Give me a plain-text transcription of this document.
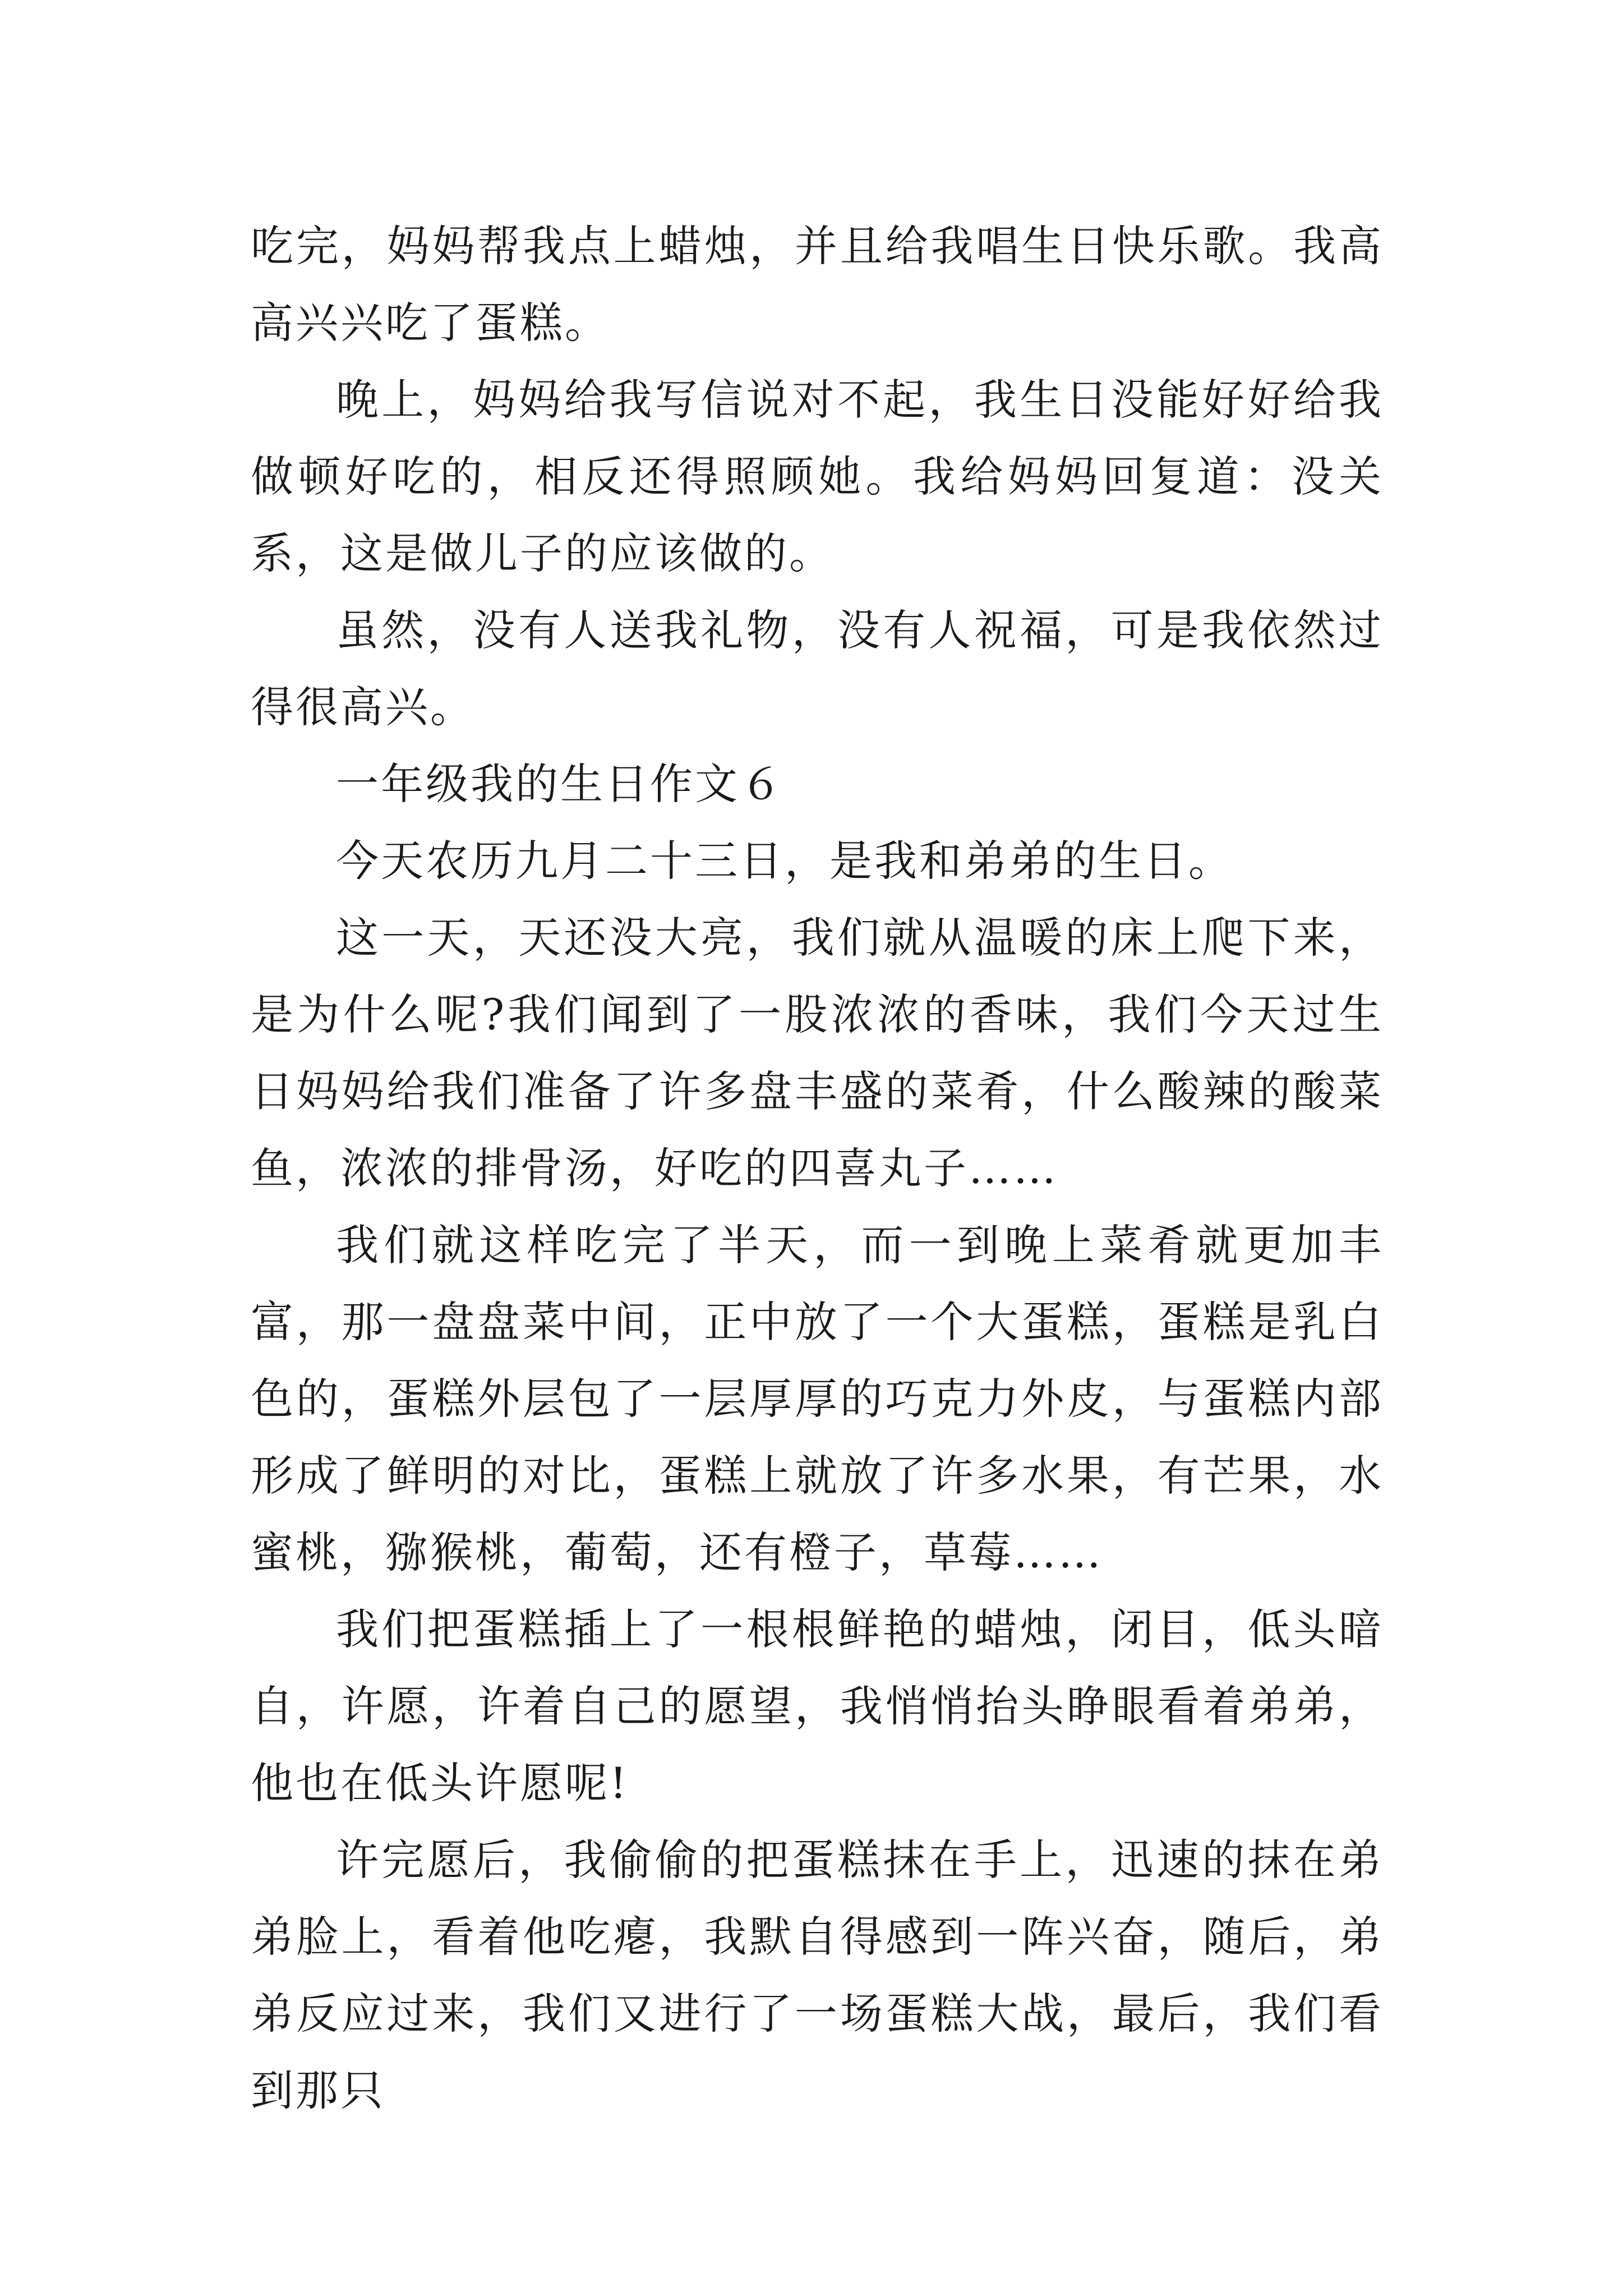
吃完，妈妈帮我点上蜡烛，并且给我唱生日快乐歌。我高高兴兴吃了蛋糕。

晚上，妈妈给我写信说对不起，我生日没能好好给我做顿好吃的，相反还得照顾她。我给妈妈回复道：没关系，这是做儿子的应该做的。

虽然，没有人送我礼物，没有人祝福，可是我依然过得很高兴。

一年级我的生日作文６

今天农历九月二十三日，是我和弟弟的生日。

这一天，天还没大亮，我们就从温暖的床上爬下来，是为什么呢?我们闻到了一股浓浓的香味，我们今天过生日妈妈给我们准备了许多盘丰盛的菜肴，什么酸辣的酸菜鱼，浓浓的排骨汤，好吃的四喜丸子……

我们就这样吃完了半天，而一到晚上菜肴就更加丰富，那一盘盘菜中间，正中放了一个大蛋糕，蛋糕是乳白色的，蛋糕外层包了一层厚厚的巧克力外皮，与蛋糕内部形成了鲜明的对比，蛋糕上就放了许多水果，有芒果，水蜜桃，猕猴桃，葡萄，还有橙子，草莓……

我们把蛋糕插上了一根根鲜艳的蜡烛，闭目，低头暗自，许愿，许着自己的愿望，我悄悄抬头睁眼看着弟弟，他也在低头许愿呢!

许完愿后，我偷偷的把蛋糕抹在手上，迅速的抹在弟弟脸上，看着他吃瘪，我默自得感到一阵兴奋，随后，弟弟反应过来，我们又进行了一场蛋糕大战，最后，我们看到那只
